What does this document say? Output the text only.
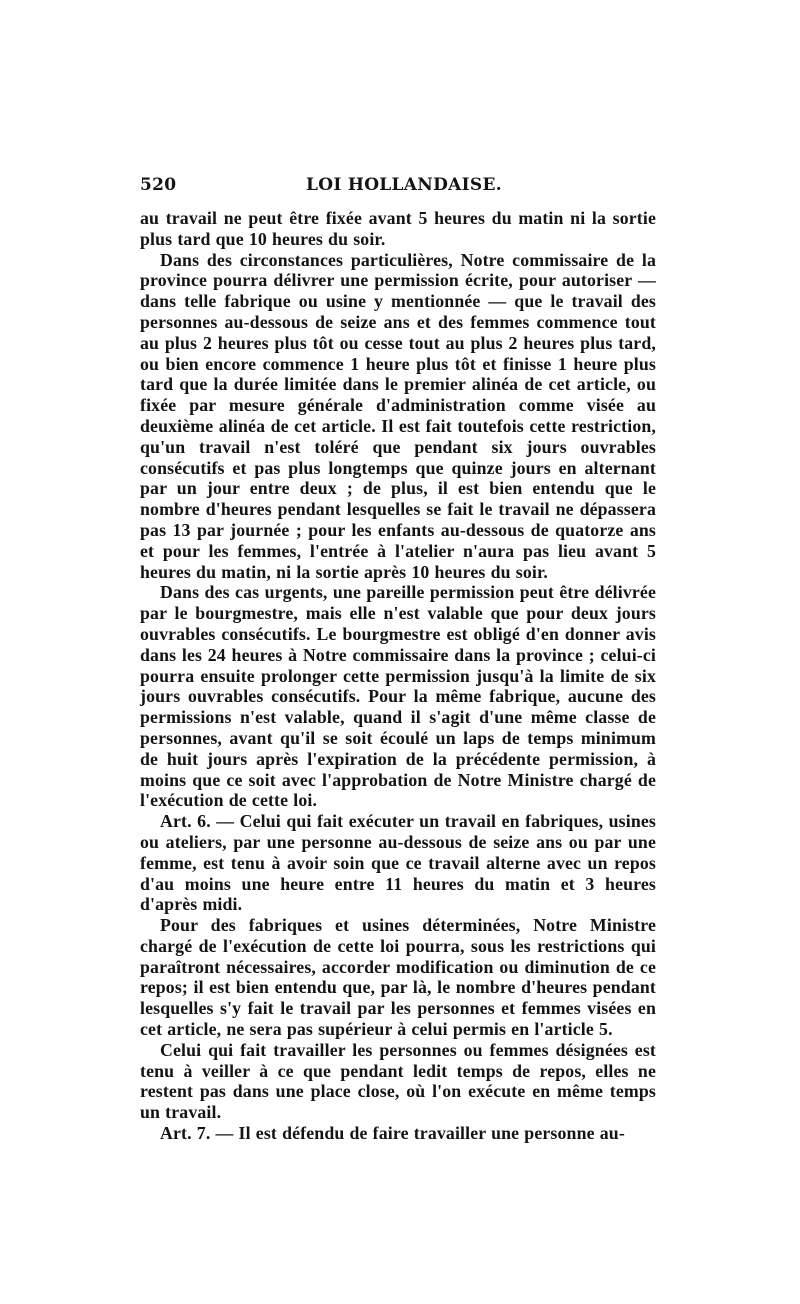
520	LOI HOLLANDAISE.

au travail ne peut être fixée avant 5 heures du matin ni la sortie plus tard que 10 heures du soir.

Dans des circonstances particulières, Notre commissaire de la province pourra délivrer une permission écrite, pour autoriser — dans telle fabrique ou usine y mentionnée — que le travail des personnes au-dessous de seize ans et des femmes commence tout au plus 2 heures plus tôt ou cesse tout au plus 2 heures plus tard, ou bien encore commence 1 heure plus tôt et finisse 1 heure plus tard que la durée limitée dans le premier alinéa de cet article, ou fixée par mesure générale d'administration comme visée au deuxième alinéa de cet article. Il est fait toutefois cette restriction, qu'un travail n'est toléré que pendant six jours ouvrables consécutifs et pas plus longtemps que quinze jours en alternant par un jour entre deux ; de plus, il est bien entendu que le nombre d'heures pendant lesquelles se fait le travail ne dépassera pas 13 par journée ; pour les enfants au-dessous de quatorze ans et pour les femmes, l'entrée à l'atelier n'aura pas lieu avant 5 heures du matin, ni la sortie après 10 heures du soir.

Dans des cas urgents, une pareille permission peut être délivrée par le bourgmestre, mais elle n'est valable que pour deux jours ouvrables consécutifs. Le bourgmestre est obligé d'en donner avis dans les 24 heures à Notre commissaire dans la province ; celui-ci pourra ensuite prolonger cette permission jusqu'à la limite de six jours ouvrables consécutifs. Pour la même fabrique, aucune des permissions n'est valable, quand il s'agit d'une même classe de personnes, avant qu'il se soit écoulé un laps de temps minimum de huit jours après l'expiration de la précédente permission, à moins que ce soit avec l'approbation de Notre Ministre chargé de l'exécution de cette loi.

Art. 6. — Celui qui fait exécuter un travail en fabriques, usines ou ateliers, par une personne au-dessous de seize ans ou par une femme, est tenu à avoir soin que ce travail alterne avec un repos d'au moins une heure entre 11 heures du matin et 3 heures d'après midi.

Pour des fabriques et usines déterminées, Notre Ministre chargé de l'exécution de cette loi pourra, sous les restrictions qui paraîtront nécessaires, accorder modification ou diminution de ce repos; il est bien entendu que, par là, le nombre d'heures pendant lesquelles s'y fait le travail par les personnes et femmes visées en cet article, ne sera pas supérieur à celui permis en l'article 5.

Celui qui fait travailler les personnes ou femmes désignées est tenu à veiller à ce que pendant ledit temps de repos, elles ne restent pas dans une place close, où l'on exécute en même temps un travail.

Art. 7. — Il est défendu de faire travailler une personne au-
